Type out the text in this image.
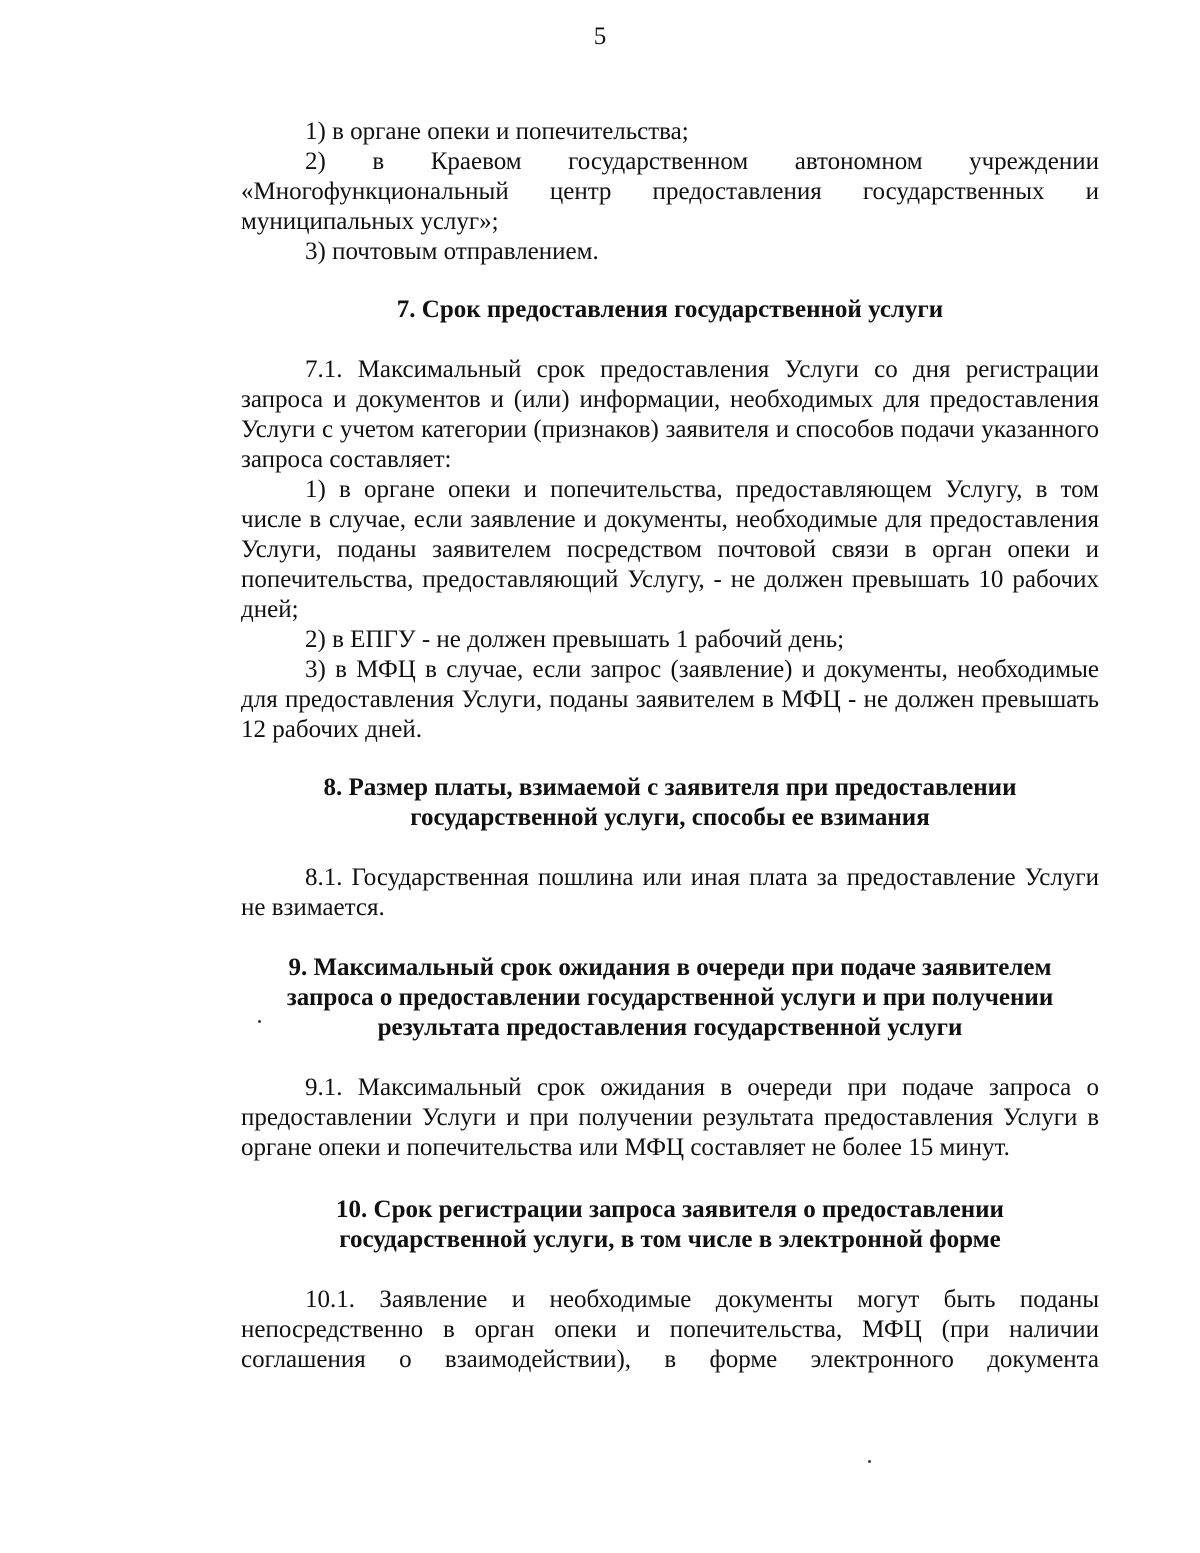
5

1) в органе опеки и попечительства;

2) в Краевом государственном автономном учреждении «Многофункциональный центр предоставления государственных и муниципальных услуг»;

3) почтовым отправлением.

7. Срок предоставления государственной услуги

7.1. Максимальный срок предоставления Услуги со дня регистрации запроса и документов и (или) информации, необходимых для предоставления Услуги с учетом категории (признаков) заявителя и способов подачи указанного запроса составляет:

1) в органе опеки и попечительства, предоставляющем Услугу, в том числе в случае, если заявление и документы, необходимые для предоставления Услуги, поданы заявителем посредством почтовой связи в орган опеки и попечительства, предоставляющий Услугу, - не должен превышать 10 рабочих дней;

2) в ЕПГУ - не должен превышать 1 рабочий день;

3) в МФЦ в случае, если запрос (заявление) и документы, необходимые для предоставления Услуги, поданы заявителем в МФЦ - не должен превышать 12 рабочих дней.

8. Размер платы, взимаемой с заявителя при предоставлении
государственной услуги, способы ее взимания

8.1. Государственная пошлина или иная плата за предоставление Услуги не взимается.

9. Максимальный срок ожидания в очереди при подаче заявителем
запроса о предоставлении государственной услуги и при получении
результата предоставления государственной услуги

9.1. Максимальный срок ожидания в очереди при подаче запроса о предоставлении Услуги и при получении результата предоставления Услуги в органе опеки и попечительства или МФЦ составляет не более 15 минут.

10. Срок регистрации запроса заявителя о предоставлении
государственной услуги, в том числе в электронной форме

10.1. Заявление и необходимые документы могут быть поданы непосредственно в орган опеки и попечительства, МФЦ (при наличии соглашения о взаимодействии), в форме электронного документа
